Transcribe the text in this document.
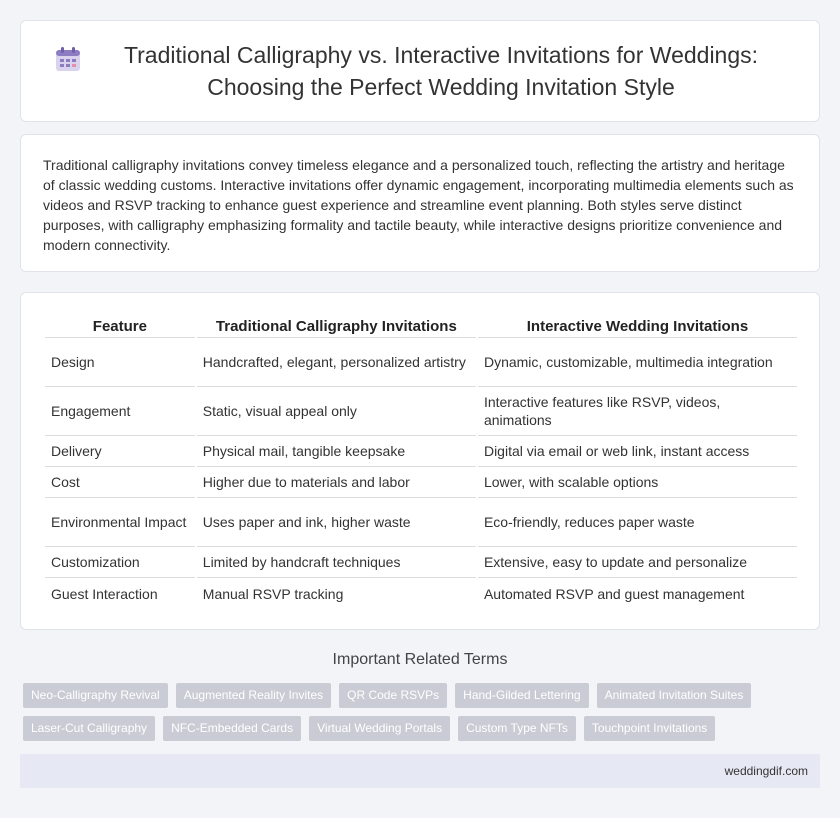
Traditional Calligraphy vs. Interactive Invitations for Weddings: Choosing the Perfect Wedding Invitation Style

Traditional calligraphy invitations convey timeless elegance and a personalized touch, reflecting the artistry and heritage of classic wedding customs. Interactive invitations offer dynamic engagement, incorporating multimedia elements such as videos and RSVP tracking to enhance guest experience and streamline event planning. Both styles serve distinct purposes, with calligraphy emphasizing formality and tactile beauty, while interactive designs prioritize convenience and modern connectivity.

Feature	Traditional Calligraphy Invitations	Interactive Wedding Invitations
Design	Handcrafted, elegant, personalized artistry	Dynamic, customizable, multimedia integration
Engagement	Static, visual appeal only	Interactive features like RSVP, videos, animations
Delivery	Physical mail, tangible keepsake	Digital via email or web link, instant access
Cost	Higher due to materials and labor	Lower, with scalable options
Environmental Impact	Uses paper and ink, higher waste	Eco-friendly, reduces paper waste
Customization	Limited by handcraft techniques	Extensive, easy to update and personalize
Guest Interaction	Manual RSVP tracking	Automated RSVP and guest management
Important Related Terms
Neo-Calligraphy Revival	Augmented Reality Invites	QR Code RSVPs	Hand-Gilded Lettering	Animated Invitation Suites
Laser-Cut Calligraphy	NFC-Embedded Cards	Virtual Wedding Portals	Custom Type NFTs	Touchpoint Invitations
weddingdif.com
